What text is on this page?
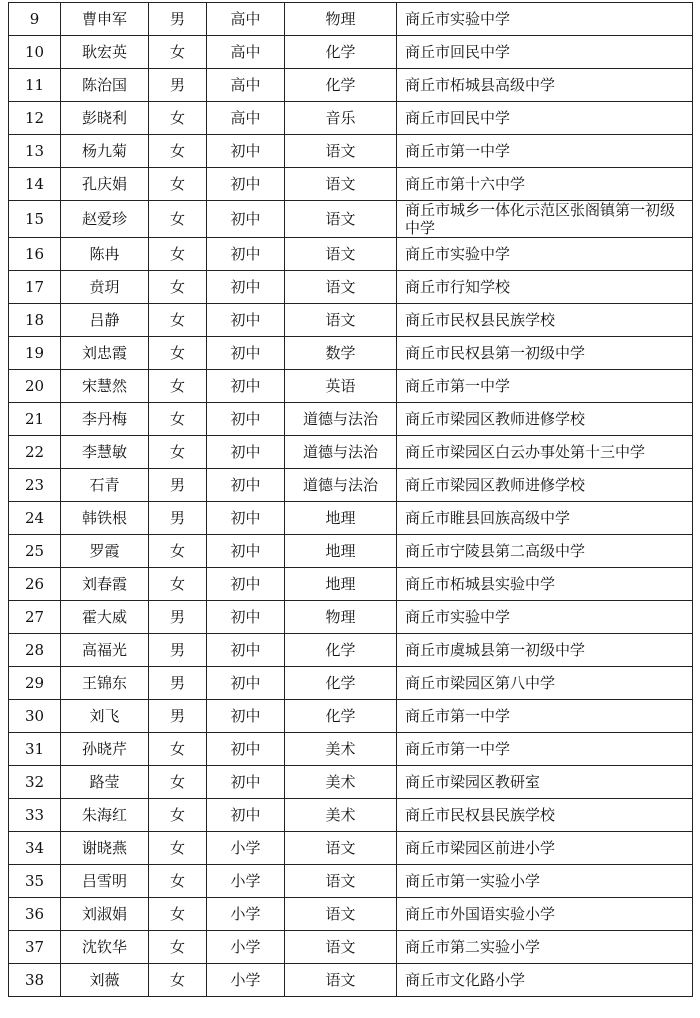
9	曹申军	男	高中	物理	商丘市实验中学
10	耿宏英	女	高中	化学	商丘市回民中学
11	陈治国	男	高中	化学	商丘市柘城县高级中学
12	彭晓利	女	高中	音乐	商丘市回民中学
13	杨九菊	女	初中	语文	商丘市第一中学
14	孔庆娟	女	初中	语文	商丘市第十六中学
15	赵爱珍	女	初中	语文	商丘市城乡一体化示范区张阁镇第一初级中学
16	陈冉	女	初中	语文	商丘市实验中学
17	贲玥	女	初中	语文	商丘市行知学校
18	吕静	女	初中	语文	商丘市民权县民族学校
19	刘忠霞	女	初中	数学	商丘市民权县第一初级中学
20	宋慧然	女	初中	英语	商丘市第一中学
21	李丹梅	女	初中	道德与法治	商丘市梁园区教师进修学校
22	李慧敏	女	初中	道德与法治	商丘市梁园区白云办事处第十三中学
23	石青	男	初中	道德与法治	商丘市梁园区教师进修学校
24	韩铁根	男	初中	地理	商丘市睢县回族高级中学
25	罗霞	女	初中	地理	商丘市宁陵县第二高级中学
26	刘春霞	女	初中	地理	商丘市柘城县实验中学
27	霍大威	男	初中	物理	商丘市实验中学
28	高福光	男	初中	化学	商丘市虞城县第一初级中学
29	王锦东	男	初中	化学	商丘市梁园区第八中学
30	刘飞	男	初中	化学	商丘市第一中学
31	孙晓芹	女	初中	美术	商丘市第一中学
32	路莹	女	初中	美术	商丘市梁园区教研室
33	朱海红	女	初中	美术	商丘市民权县民族学校
34	谢晓燕	女	小学	语文	商丘市梁园区前进小学
35	吕雪明	女	小学	语文	商丘市第一实验小学
36	刘淑娟	女	小学	语文	商丘市外国语实验小学
37	沈钦华	女	小学	语文	商丘市第二实验小学
38	刘薇	女	小学	语文	商丘市文化路小学
